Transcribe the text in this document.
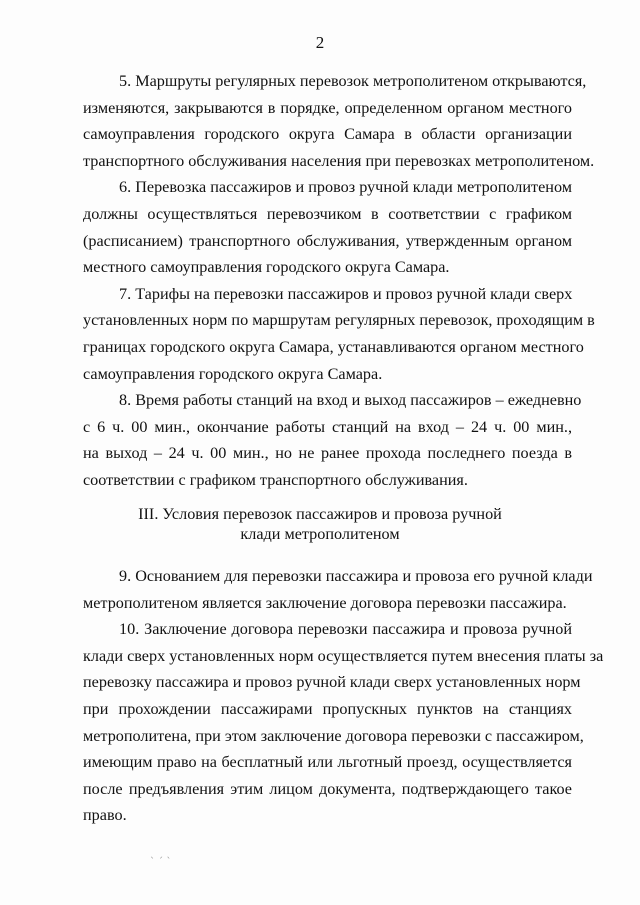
2
5. Маршруты регулярных перевозок метрополитеном открываются,
изменяются, закрываются в порядке, определенном органом местного
самоуправления городского округа Самара в области организации
транспортного обслуживания населения при перевозках метрополитеном.
6. Перевозка пассажиров и провоз ручной клади метрополитеном
должны осуществляться перевозчиком в соответствии с графиком
(расписанием) транспортного обслуживания, утвержденным органом
местного самоуправления городского округа Самара.
7. Тарифы на перевозки пассажиров и провоз ручной клади сверх
установленных норм по маршрутам регулярных перевозок, проходящим в
границах городского округа Самара, устанавливаются органом местного
самоуправления городского округа Самара.
8. Время работы станций на вход и выход пассажиров – ежедневно
с 6 ч. 00 мин., окончание работы станций на вход – 24 ч. 00 мин.,
на выход – 24 ч. 00 мин., но не ранее прохода последнего поезда в
соответствии с графиком транспортного обслуживания.
III. Условия перевозок пассажиров и провоза ручной
клади метрополитеном
9. Основанием для перевозки пассажира и провоза его ручной клади
метрополитеном является заключение договора перевозки пассажира.
10. Заключение договора перевозки пассажира и провоза ручной
клади сверх установленных норм осуществляется путем внесения платы за
перевозку пассажира и провоз ручной клади сверх установленных норм
при прохождении пассажирами пропускных пунктов на станциях
метрополитена, при этом заключение договора перевозки с пассажиром,
имеющим право на бесплатный или льготный проезд, осуществляется
после предъявления этим лицом документа, подтверждающего такое
право.
ˎ ˏ ˎ
